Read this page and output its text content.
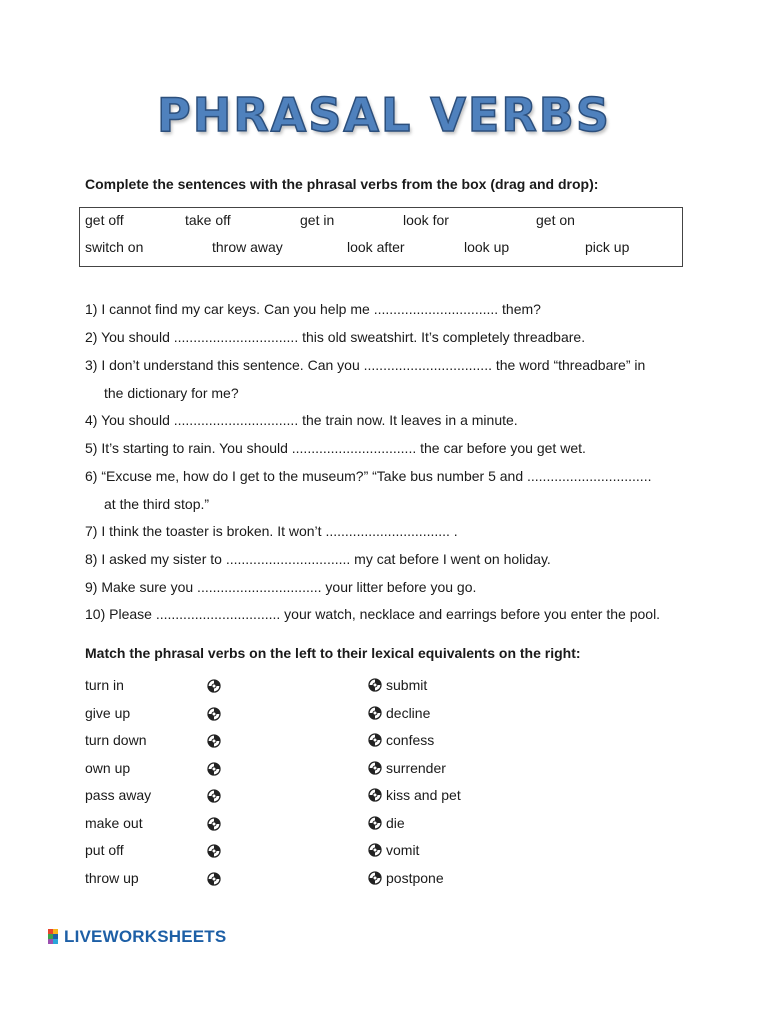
PHRASAL VERBS
Complete the sentences with the phrasal verbs from the box (drag and drop):
get off	take off	get in	look for	get on
switch on	throw away	look after	look up	pick up
1) I cannot find my car keys. Can you help me ................................ them?
2) You should ................................ this old sweatshirt. It’s completely threadbare.
3) I don’t understand this sentence. Can you ................................. the word “threadbare” in
the dictionary for me?
4) You should ................................ the train now. It leaves in a minute.
5) It’s starting to rain. You should ................................ the car before you get wet.
6) “Excuse me, how do I get to the museum?” “Take bus number 5 and ................................
at the third stop.”
7) I think the toaster is broken. It won’t ................................ .
8) I asked my sister to ................................ my cat before I went on holiday.
9) Make sure you ................................ your litter before you go.
10) Please ................................ your watch, necklace and earrings before you enter the pool.
Match the phrasal verbs on the left to their lexical equivalents on the right:
turn in	submit
give up	decline
turn down	confess
own up	surrender
pass away	kiss and pet
make out	die
put off	vomit
throw up	postpone
LIVEWORKSHEETS
